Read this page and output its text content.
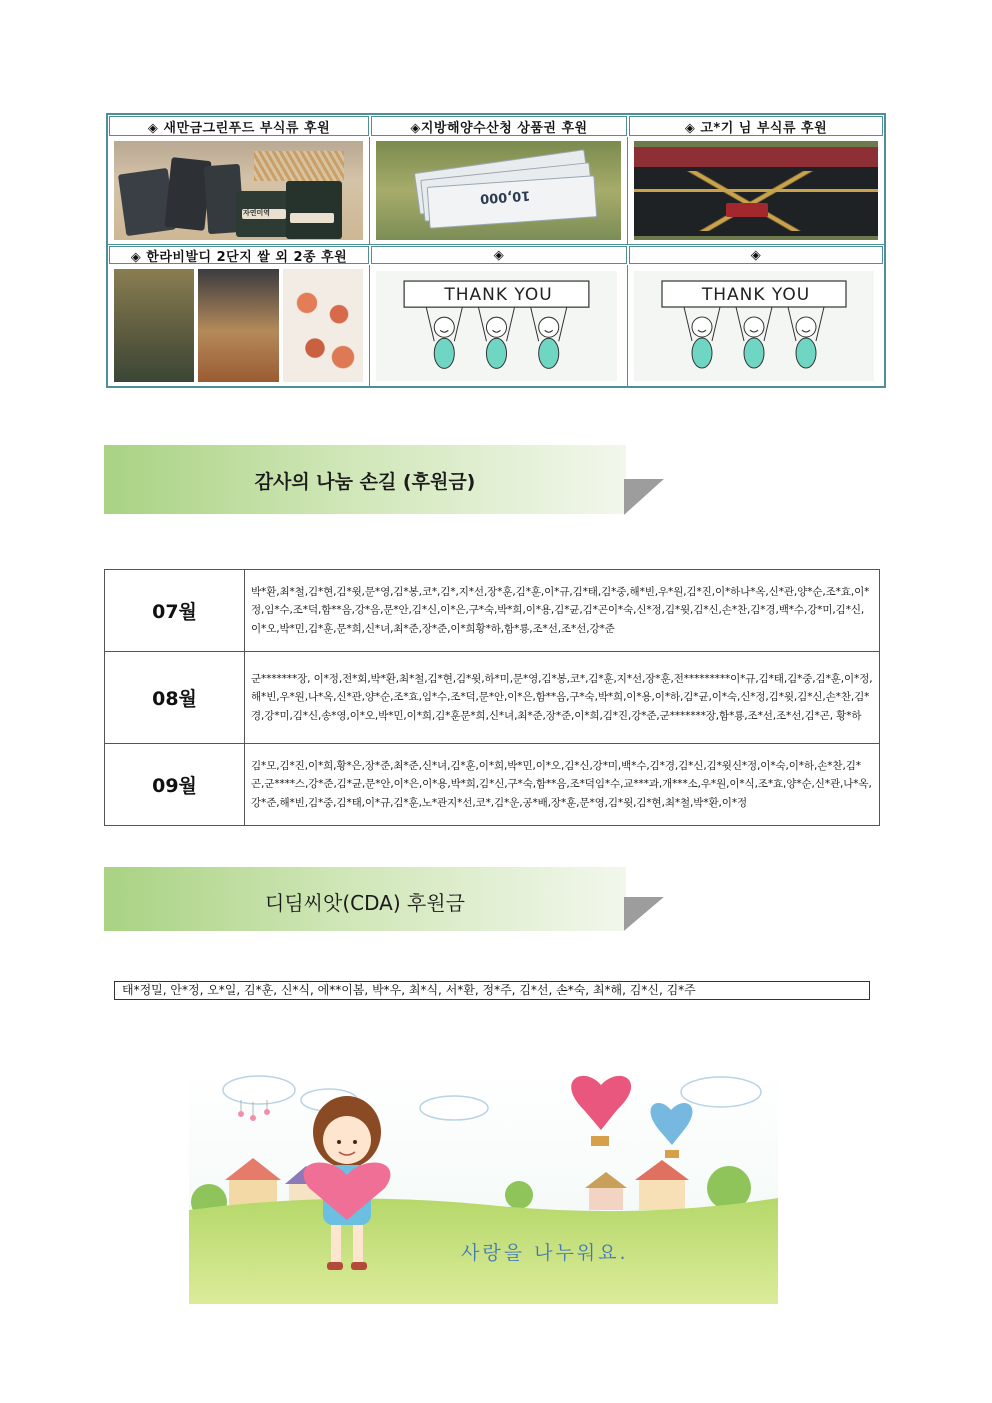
◈ 새만금그린푸드 부식류 후원	◈지방해양수산청 상품권 후원	◈ 고*기 님 부식류 후원
자연미역
10,000
◈ 한라비발디 2단지 쌀 외 2종 후원	◈	◈
THANK YOU	THANK YOU
감사의 나눔 손길 (후원금)
07월	박*환,최*철,김*현,김*윗,문*영,김*봉,코*,김*,지*선,장*훈,김*훈,이*규,김*태,김*중,해*빈,우*원,김*진,이*하나*옥,신*관,양*순,조*효,이*정,임*수,조*덕,함**음,강*음,문*안,김*신,이*은,구*숙,박*희,이*용,김*균,김*곤이*숙,신*정,김*윗,김*신,손*찬,김*경,백*수,강*미,김*신,이*오,박*민,김*훈,문*희,신*녀,최*준,장*준,이*희황*하,함*룡,조*선,조*선,강*준
08월	군*******장, 이*정,전*회,박*환,최*철,김*현,김*윗,하*미,문*영,김*봉,코*,김*훈,지*선,장*훈,전*********이*규,김*태,김*중,김*훈,이*정,해*빈,우*원,나*옥,신*관,양*순,조*효,임*수,조*덕,문*안,이*은,함**음,구*숙,박*희,이*용,이*하,김*균,이*숙,신*정,김*윗,김*신,손*찬,김*경,강*미,김*신,송*영,이*오,박*민,이*희,김*훈문*희,신*녀,최*준,장*준,이*희,김*진,강*준,군*******장,함*룡,조*선,조*선,김*곤, 황*하
09월	김*모,김*진,이*희,황*은,장*준,최*준,신*녀,김*훈,이*희,박*민,이*오,김*신,강*미,백*수,김*경,김*신,김*윗신*정,이*숙,이*하,손*찬,김*곤,군****스,강*준,김*균,문*안,이*은,이*용,박*희,김*신,구*숙,함**음,조*덕임*수,교***과,개***소,우*원,이*식,조*효,양*순,신*관,나*옥,강*준,해*빈,김*중,김*태,이*규,김*훈,노*관지*선,코*,김*운,공*배,장*훈,문*영,김*윗,김*현,최*철,박*환,이*정
디딤씨앗(CDA) 후원금
태*정밀, 안*정, 오*일, 김*훈, 신*식, 에**이봄, 박*우, 최*식, 서*환, 정*주, 김*선, 손*숙, 최*해, 김*신, 김*주
사랑을 나누워요.
